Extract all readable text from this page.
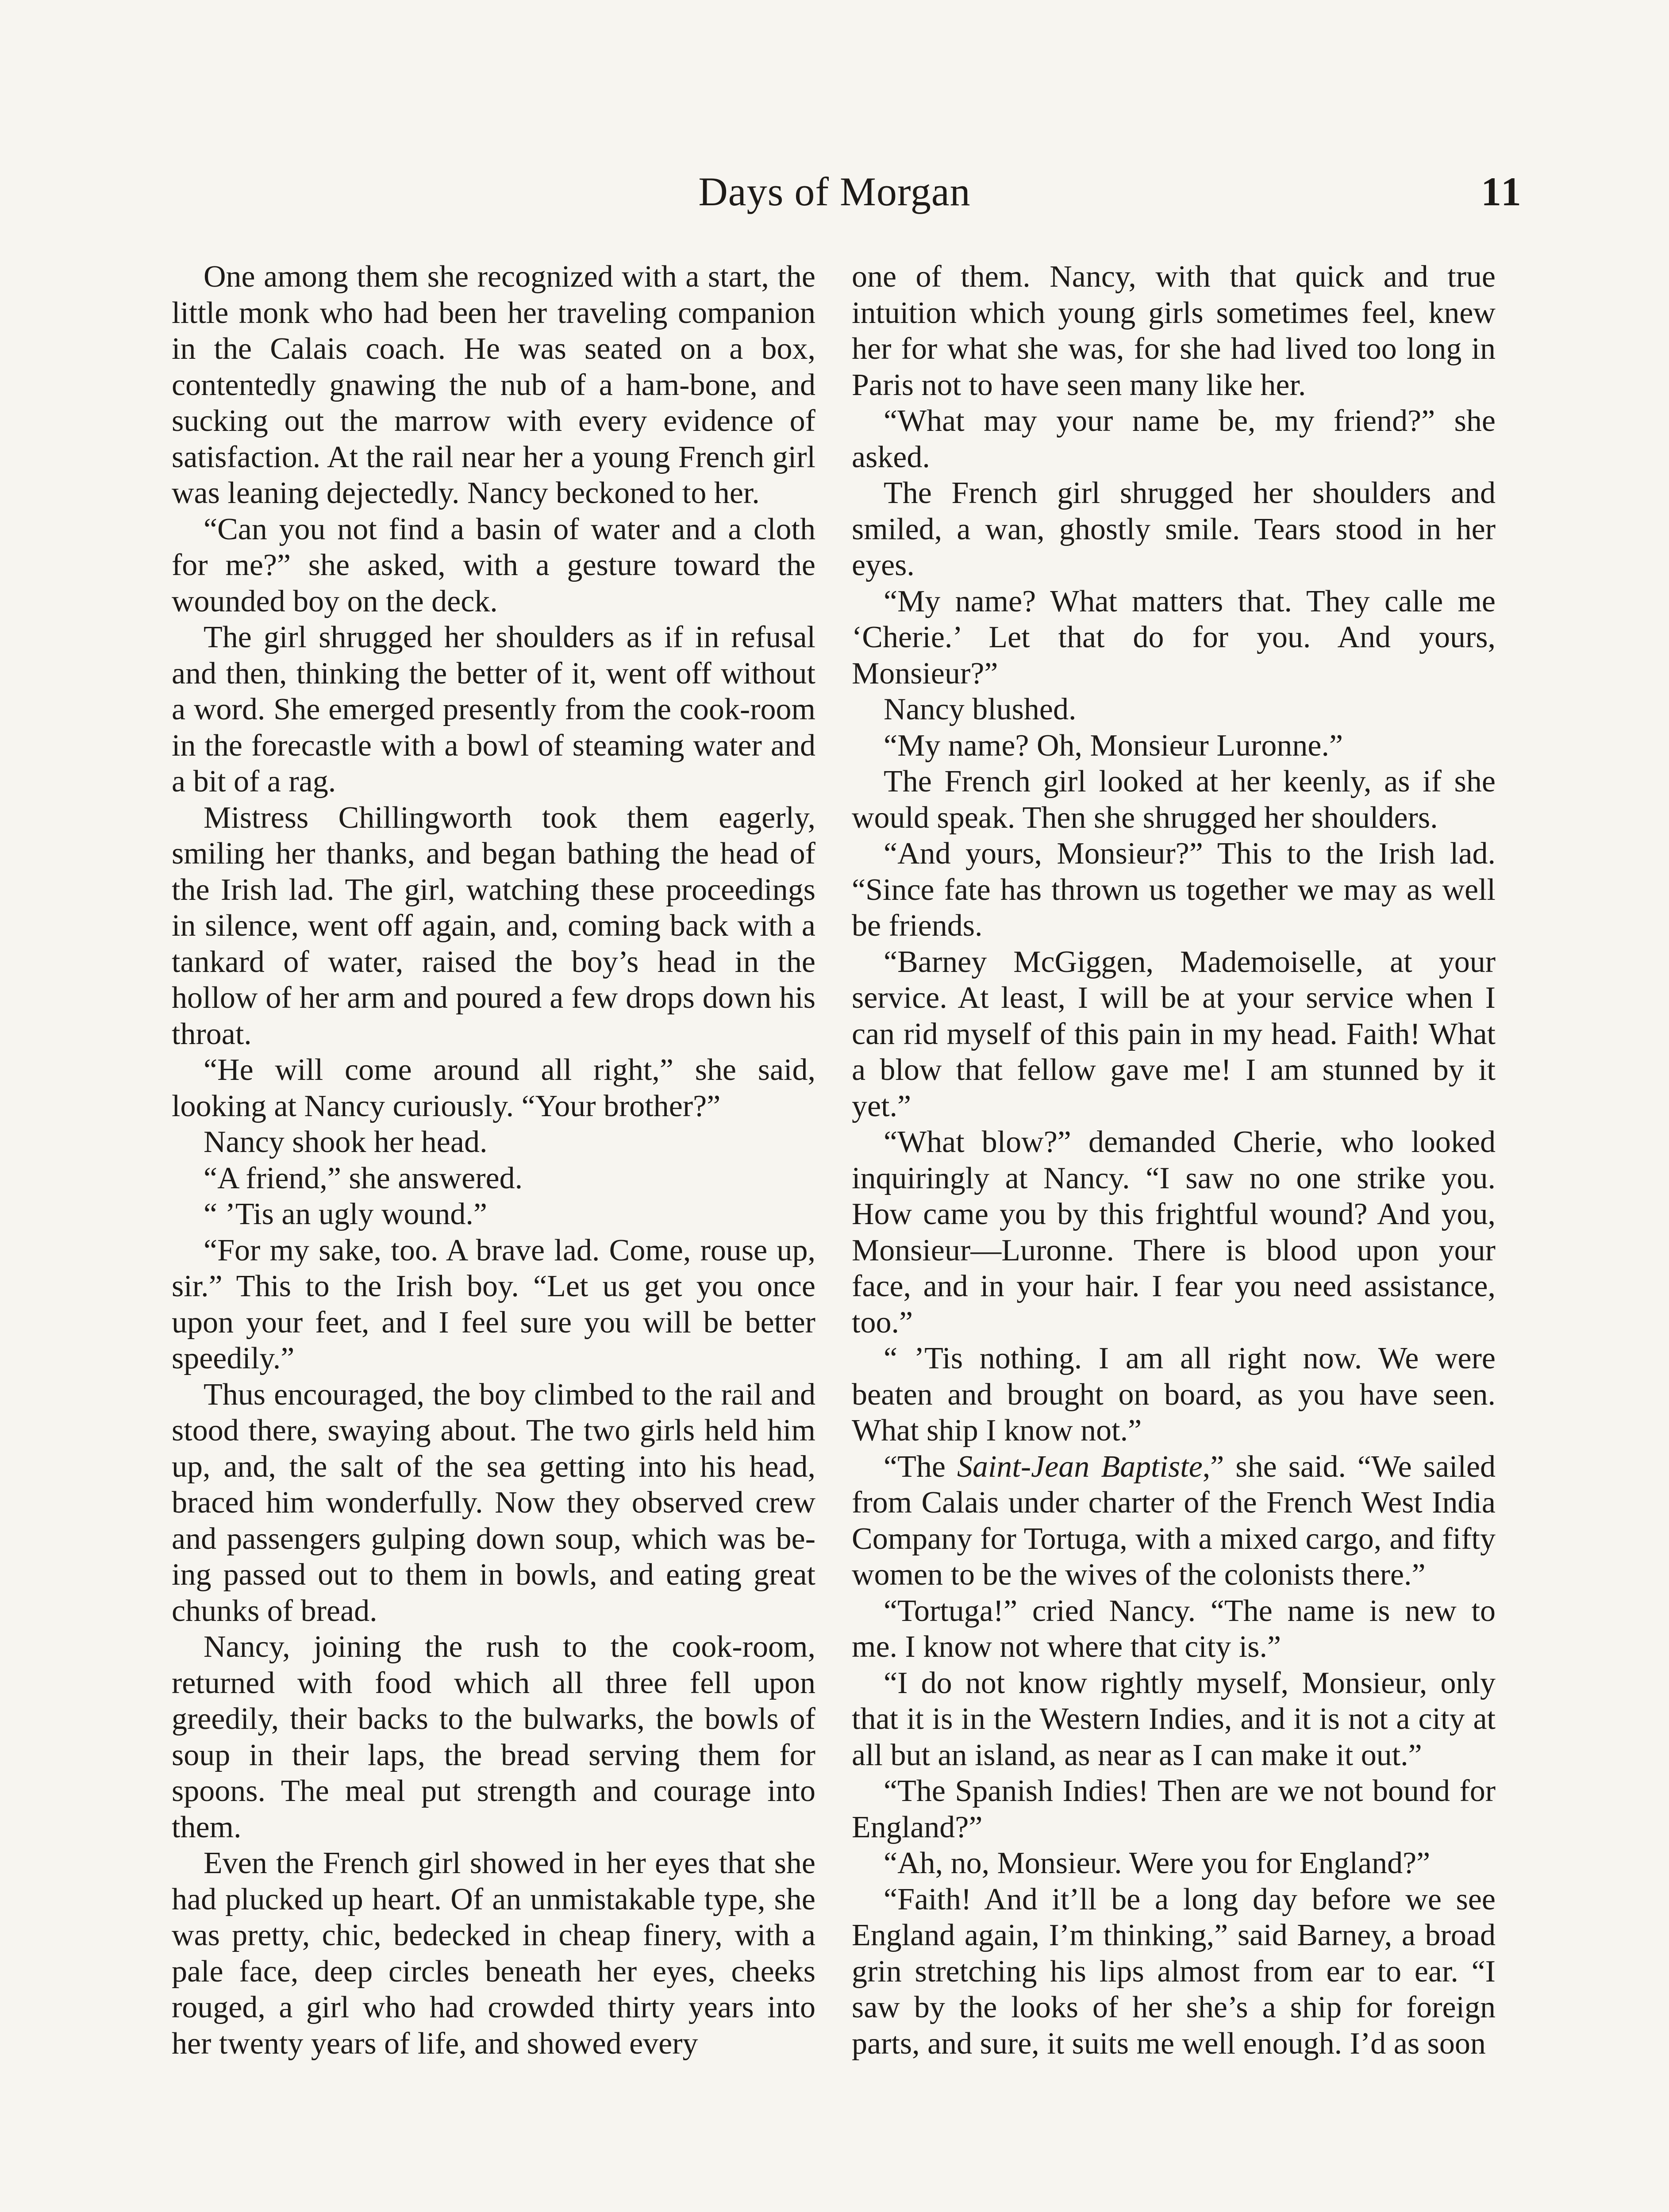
Days of Morgan	11

One among them she recognized with a start, the little monk who had been her traveling companion in the Calais coach. He was seated on a box, contentedly gnawing the nub of a ham-bone, and sucking out the marrow with every evidence of satisfaction. At the rail near her a young French girl was leaning dejectedly. Nancy beckoned to her.

“Can you not find a basin of water and a cloth for me?” she asked, with a gesture toward the wounded boy on the deck.

The girl shrugged her shoulders as if in refusal and then, thinking the better of it, went off without a word. She emerged presently from the cook-room in the forecastle with a bowl of steaming water and a bit of a rag.

Mistress Chillingworth took them eagerly, smiling her thanks, and began bathing the head of the Irish lad. The girl, watching these proceedings in silence, went off again, and, coming back with a tankard of water, raised the boy’s head in the hollow of her arm and poured a few drops down his throat.

“He will come around all right,” she said, looking at Nancy curiously. “Your brother?”

Nancy shook her head.

“A friend,” she answered.

“ ’Tis an ugly wound.”

“For my sake, too. A brave lad. Come, rouse up, sir.” This to the Irish boy. “Let us get you once upon your feet, and I feel sure you will be better speedily.”

Thus encouraged, the boy climbed to the rail and stood there, swaying about. The two girls held him up, and, the salt of the sea getting into his head, braced him wonderfully. Now they observed crew and passengers gulping down soup, which was being passed out to them in bowls, and eating great chunks of bread.

Nancy, joining the rush to the cook-room, returned with food which all three fell upon greedily, their backs to the bulwarks, the bowls of soup in their laps, the bread serving them for spoons. The meal put strength and courage into them.

Even the French girl showed in her eyes that she had plucked up heart. Of an unmistakable type, she was pretty, chic, bedecked in cheap finery, with a pale face, deep circles beneath her eyes, cheeks rouged, a girl who had crowded thirty years into her twenty years of life, and showed every

one of them. Nancy, with that quick and true intuition which young girls sometimes feel, knew her for what she was, for she had lived too long in Paris not to have seen many like her.

“What may your name be, my friend?” she asked.

The French girl shrugged her shoulders and smiled, a wan, ghostly smile. Tears stood in her eyes.

“My name? What matters that. They calle me ‘Cherie.’ Let that do for you. And yours, Monsieur?”

Nancy blushed.

“My name? Oh, Monsieur Luronne.”

The French girl looked at her keenly, as if she would speak. Then she shrugged her shoulders.

“And yours, Monsieur?” This to the Irish lad. “Since fate has thrown us together we may as well be friends.

“Barney McGiggen, Mademoiselle, at your service. At least, I will be at your service when I can rid myself of this pain in my head. Faith! What a blow that fellow gave me! I am stunned by it yet.”

“What blow?” demanded Cherie, who looked inquiringly at Nancy. “I saw no one strike you. How came you by this frightful wound? And you, Monsieur—Luronne. There is blood upon your face, and in your hair. I fear you need assistance, too.”

“ ’Tis nothing. I am all right now. We were beaten and brought on board, as you have seen. What ship I know not.”

“The Saint-Jean Baptiste,” she said. “We sailed from Calais under charter of the French West India Company for Tortuga, with a mixed cargo, and fifty women to be the wives of the colonists there.”

“Tortuga!” cried Nancy. “The name is new to me. I know not where that city is.”

“I do not know rightly myself, Monsieur, only that it is in the Western Indies, and it is not a city at all but an island, as near as I can make it out.”

“The Spanish Indies! Then are we not bound for England?”

“Ah, no, Monsieur. Were you for England?”

“Faith! And it’ll be a long day before we see England again, I’m thinking,” said Barney, a broad grin stretching his lips almost from ear to ear. “I saw by the looks of her she’s a ship for foreign parts, and sure, it suits me well enough. I’d as soon
